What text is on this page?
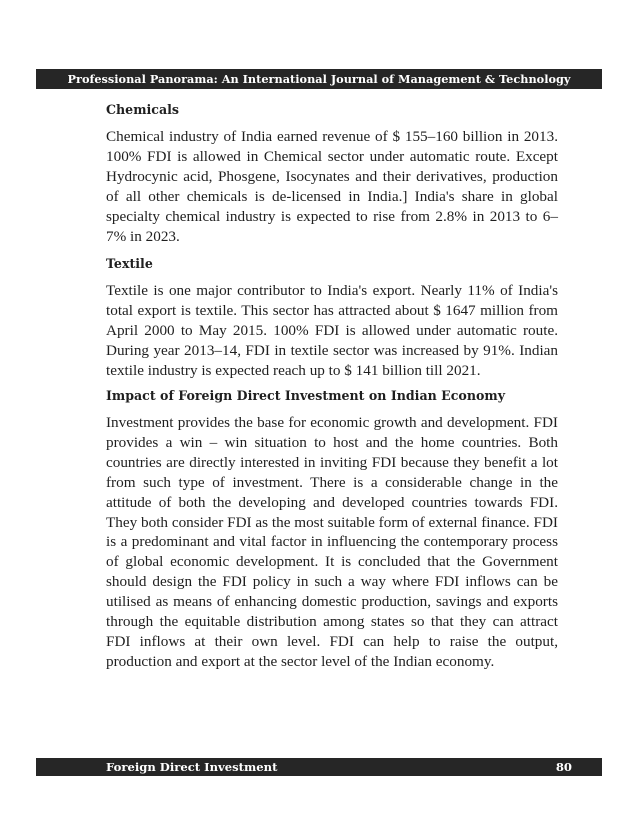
Professional Panorama: An International Journal of Management & Technology
Chemicals

Chemical industry of India earned revenue of $ 155–160 billion in 2013. 100% FDI is allowed in Chemical sector under automatic route. Except Hydrocynic acid, Phosgene, Isocynates and their derivatives, production of all other chemicals is de-licensed in India.] India's share in global specialty chemical industry is expected to rise from 2.8% in 2013 to 6–7% in 2023.

Textile

Textile is one major contributor to India's export. Nearly 11% of India's total export is textile. This sector has attracted about $ 1647 million from April 2000 to May 2015. 100% FDI is allowed under automatic route. During year 2013–14, FDI in textile sector was increased by 91%. Indian textile industry is expected reach up to $ 141 billion till 2021.

Impact of Foreign Direct Investment on Indian Economy

Investment provides the base for economic growth and development. FDI provides a win – win situation to host and the home countries. Both countries are directly interested in inviting FDI because they benefit a lot from such type of investment. There is a considerable change in the attitude of both the developing and developed countries towards FDI. They both consider FDI as the most suitable form of external finance. FDI is a predominant and vital factor in influencing the contemporary process of global economic development. It is concluded that the Government should design the FDI policy in such a way where FDI inflows can be utilised as means of enhancing domestic production, savings and exports through the equitable distribution among states so that they can attract FDI inflows at their own level. FDI can help to raise the output, production and export at the sector level of the Indian economy.

Foreign Direct Investment	80
